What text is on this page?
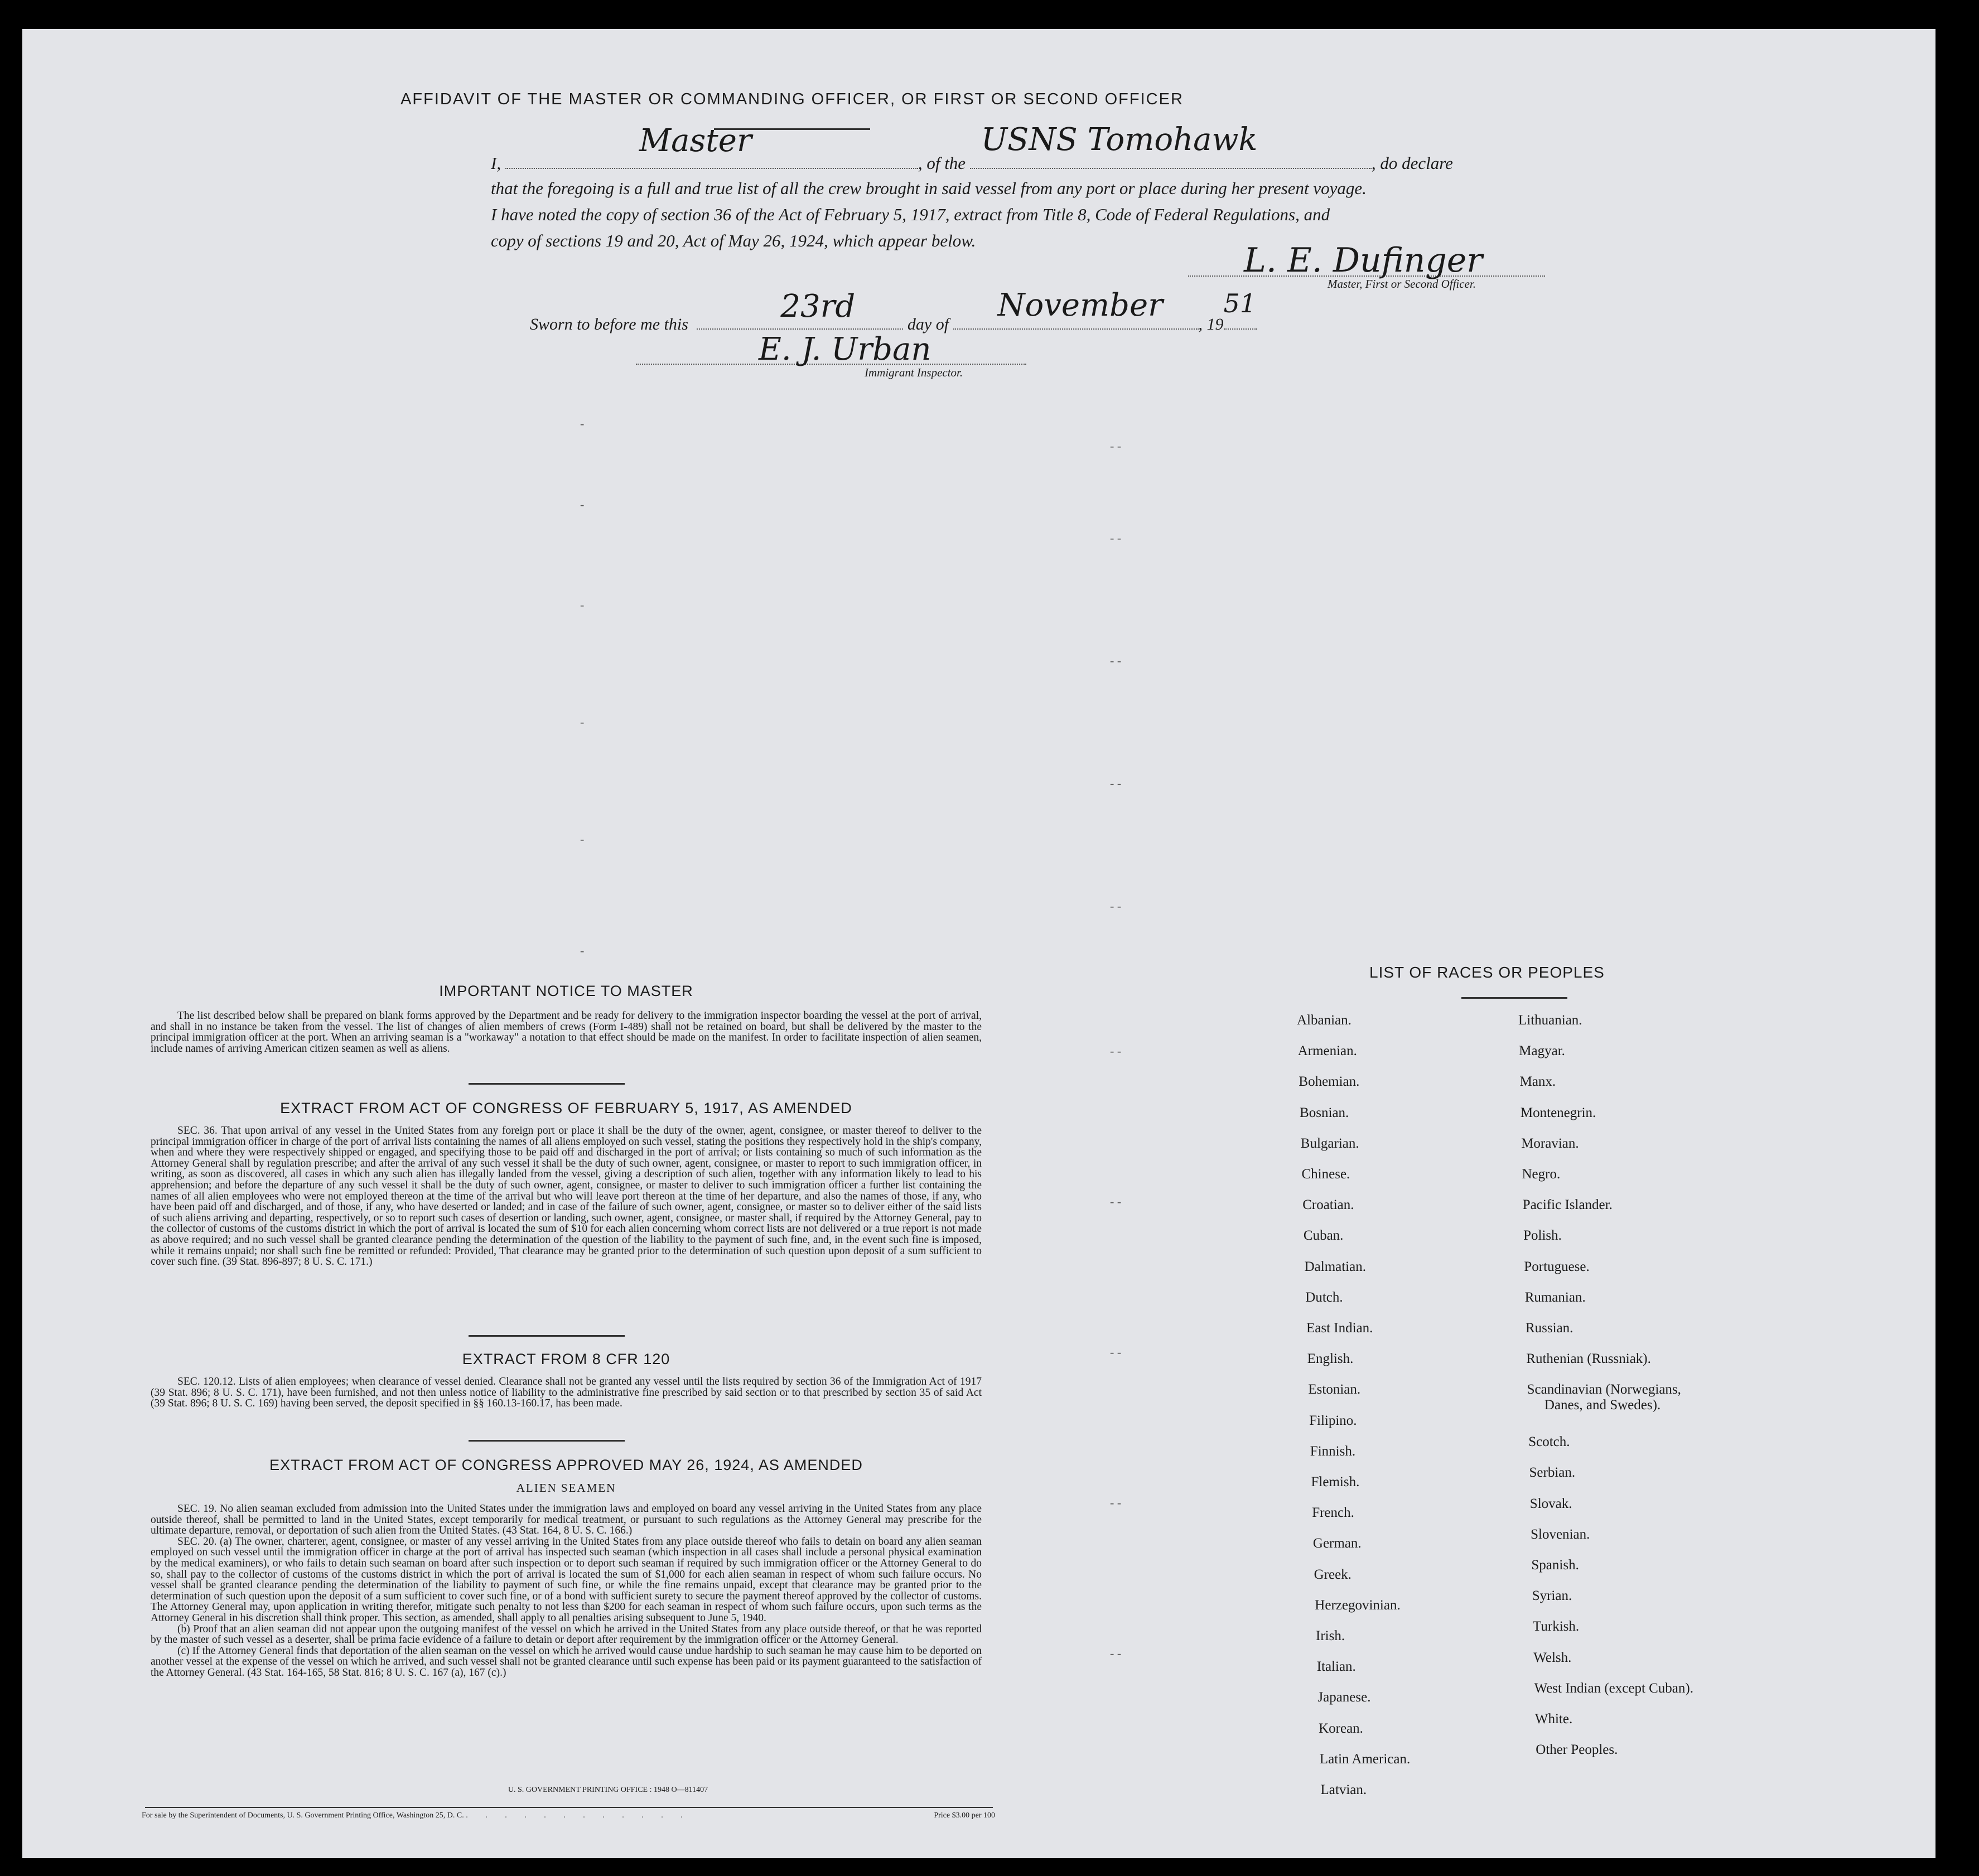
AFFIDAVIT OF THE MASTER OR COMMANDING OFFICER, OR FIRST OR SECOND OFFICER
I,
Master
, of the
USNS Tomohawk
, do declare
that the foregoing is a full and true list of all the crew brought in said vessel from any port or place during her present voyage.
I have noted the copy of section 36 of the Act of February 5, 1917, extract from Title 8, Code of Federal Regulations, and
copy of sections 19 and 20, Act of May 26, 1924, which appear below.
L. E. Dufinger
Master, First or Second Officer.
Sworn to before me this	23rd	day of
November
, 19
51
E. J. Urban
Immigrant Inspector.
-
-
-
-
-
-
- -
- -
- -
- -
- -
- -
- -
- -
- -
- -
IMPORTANT NOTICE TO MASTER

The list described below shall be prepared on blank forms approved by the Department and be ready for delivery to the immigration inspector boarding the vessel at the port of arrival, and shall in no instance be taken from the vessel. The list of changes of alien members of crews (Form I-489) shall not be retained on board, but shall be delivered by the master to the principal immigration officer at the port. When an arriving seaman is a "workaway" a notation to that effect should be made on the manifest. In order to facilitate inspection of alien seamen, include names of arriving American citizen seamen as well as aliens.

EXTRACT FROM ACT OF CONGRESS OF FEBRUARY 5, 1917, AS AMENDED

SEC. 36. That upon arrival of any vessel in the United States from any foreign port or place it shall be the duty of the owner, agent, consignee, or master thereof to deliver to the principal immigration officer in charge of the port of arrival lists containing the names of all aliens employed on such vessel, stating the positions they respectively hold in the ship's company, when and where they were respectively shipped or engaged, and specifying those to be paid off and discharged in the port of arrival; or lists containing so much of such information as the Attorney General shall by regulation prescribe; and after the arrival of any such vessel it shall be the duty of such owner, agent, consignee, or master to report to such immigration officer, in writing, as soon as discovered, all cases in which any such alien has illegally landed from the vessel, giving a description of such alien, together with any information likely to lead to his apprehension; and before the departure of any such vessel it shall be the duty of such owner, agent, consignee, or master to deliver to such immigration officer a further list containing the names of all alien employees who were not employed thereon at the time of the arrival but who will leave port thereon at the time of her departure, and also the names of those, if any, who have been paid off and discharged, and of those, if any, who have deserted or landed; and in case of the failure of such owner, agent, consignee, or master so to deliver either of the said lists of such aliens arriving and departing, respectively, or so to report such cases of desertion or landing, such owner, agent, consignee, or master shall, if required by the Attorney General, pay to the collector of customs of the customs district in which the port of arrival is located the sum of $10 for each alien concerning whom correct lists are not delivered or a true report is not made as above required; and no such vessel shall be granted clearance pending the determination of the question of the liability to the payment of such fine, and, in the event such fine is imposed, while it remains unpaid; nor shall such fine be remitted or refunded: Provided, That clearance may be granted prior to the determination of such question upon deposit of a sum sufficient to cover such fine. (39 Stat. 896-897; 8 U. S. C. 171.)

EXTRACT FROM 8 CFR 120

SEC. 120.12. Lists of alien employees; when clearance of vessel denied. Clearance shall not be granted any vessel until the lists required by section 36 of the Immigration Act of 1917 (39 Stat. 896; 8 U. S. C. 171), have been furnished, and not then unless notice of liability to the administrative fine prescribed by said section or to that prescribed by section 35 of said Act (39 Stat. 896; 8 U. S. C. 169) having been served, the deposit specified in §§ 160.13-160.17, has been made.

EXTRACT FROM ACT OF CONGRESS APPROVED MAY 26, 1924, AS AMENDED
ALIEN SEAMEN

SEC. 19. No alien seaman excluded from admission into the United States under the immigration laws and employed on board any vessel arriving in the United States from any place outside thereof, shall be permitted to land in the United States, except temporarily for medical treatment, or pursuant to such regulations as the Attorney General may prescribe for the ultimate departure, removal, or deportation of such alien from the United States. (43 Stat. 164, 8 U. S. C. 166.)

SEC. 20. (a) The owner, charterer, agent, consignee, or master of any vessel arriving in the United States from any place outside thereof who fails to detain on board any alien seaman employed on such vessel until the immigration officer in charge at the port of arrival has inspected such seaman (which inspection in all cases shall include a personal physical examination by the medical examiners), or who fails to detain such seaman on board after such inspection or to deport such seaman if required by such immigration officer or the Attorney General to do so, shall pay to the collector of customs of the customs district in which the port of arrival is located the sum of $1,000 for each alien seaman in respect of whom such failure occurs. No vessel shall be granted clearance pending the determination of the liability to payment of such fine, or while the fine remains unpaid, except that clearance may be granted prior to the determination of such question upon the deposit of a sum sufficient to cover such fine, or of a bond with sufficient surety to secure the payment thereof approved by the collector of customs. The Attorney General may, upon application in writing therefor, mitigate such penalty to not less than $200 for each seaman in respect of whom such failure occurs, upon such terms as the Attorney General in his discretion shall think proper. This section, as amended, shall apply to all penalties arising subsequent to June 5, 1940.

(b) Proof that an alien seaman did not appear upon the outgoing manifest of the vessel on which he arrived in the United States from any place outside thereof, or that he was reported by the master of such vessel as a deserter, shall be prima facie evidence of a failure to detain or deport after requirement by the immigration officer or the Attorney General.

(c) If the Attorney General finds that deportation of the alien seaman on the vessel on which he arrived would cause undue hardship to such seaman he may cause him to be deported on another vessel at the expense of the vessel on which he arrived, and such vessel shall not be granted clearance until such expense has been paid or its payment guaranteed to the satisfaction of the Attorney General. (43 Stat. 164-165, 58 Stat. 816; 8 U. S. C. 167 (a), 167 (c).)

U. S. GOVERNMENT PRINTING OFFICE : 1948 O—811407
For sale by the Superintendent of Documents, U. S. Government Printing Office, Washington 25, D. C. . . . . . . . . . . . .	Price $3.00 per 100
LIST OF RACES OR PEOPLES
Albanian.
Armenian.
Bohemian.
Bosnian.
Bulgarian.
Chinese.
Croatian.
Cuban.
Dalmatian.
Dutch.
East Indian.
English.
Estonian.
Filipino.
Finnish.
Flemish.
French.
German.
Greek.
Herzegovinian.
Irish.
Italian.
Japanese.
Korean.
Latin American.
Latvian.
Lithuanian.
Magyar.
Manx.
Montenegrin.
Moravian.
Negro.
Pacific Islander.
Polish.
Portuguese.
Rumanian.
Russian.
Ruthenian (Russniak).
Scandinavian (Norwegians,
Danes, and Swedes).
Scotch.
Serbian.
Slovak.
Slovenian.
Spanish.
Syrian.
Turkish.
Welsh.
West Indian (except Cuban).
White.
Other Peoples.
